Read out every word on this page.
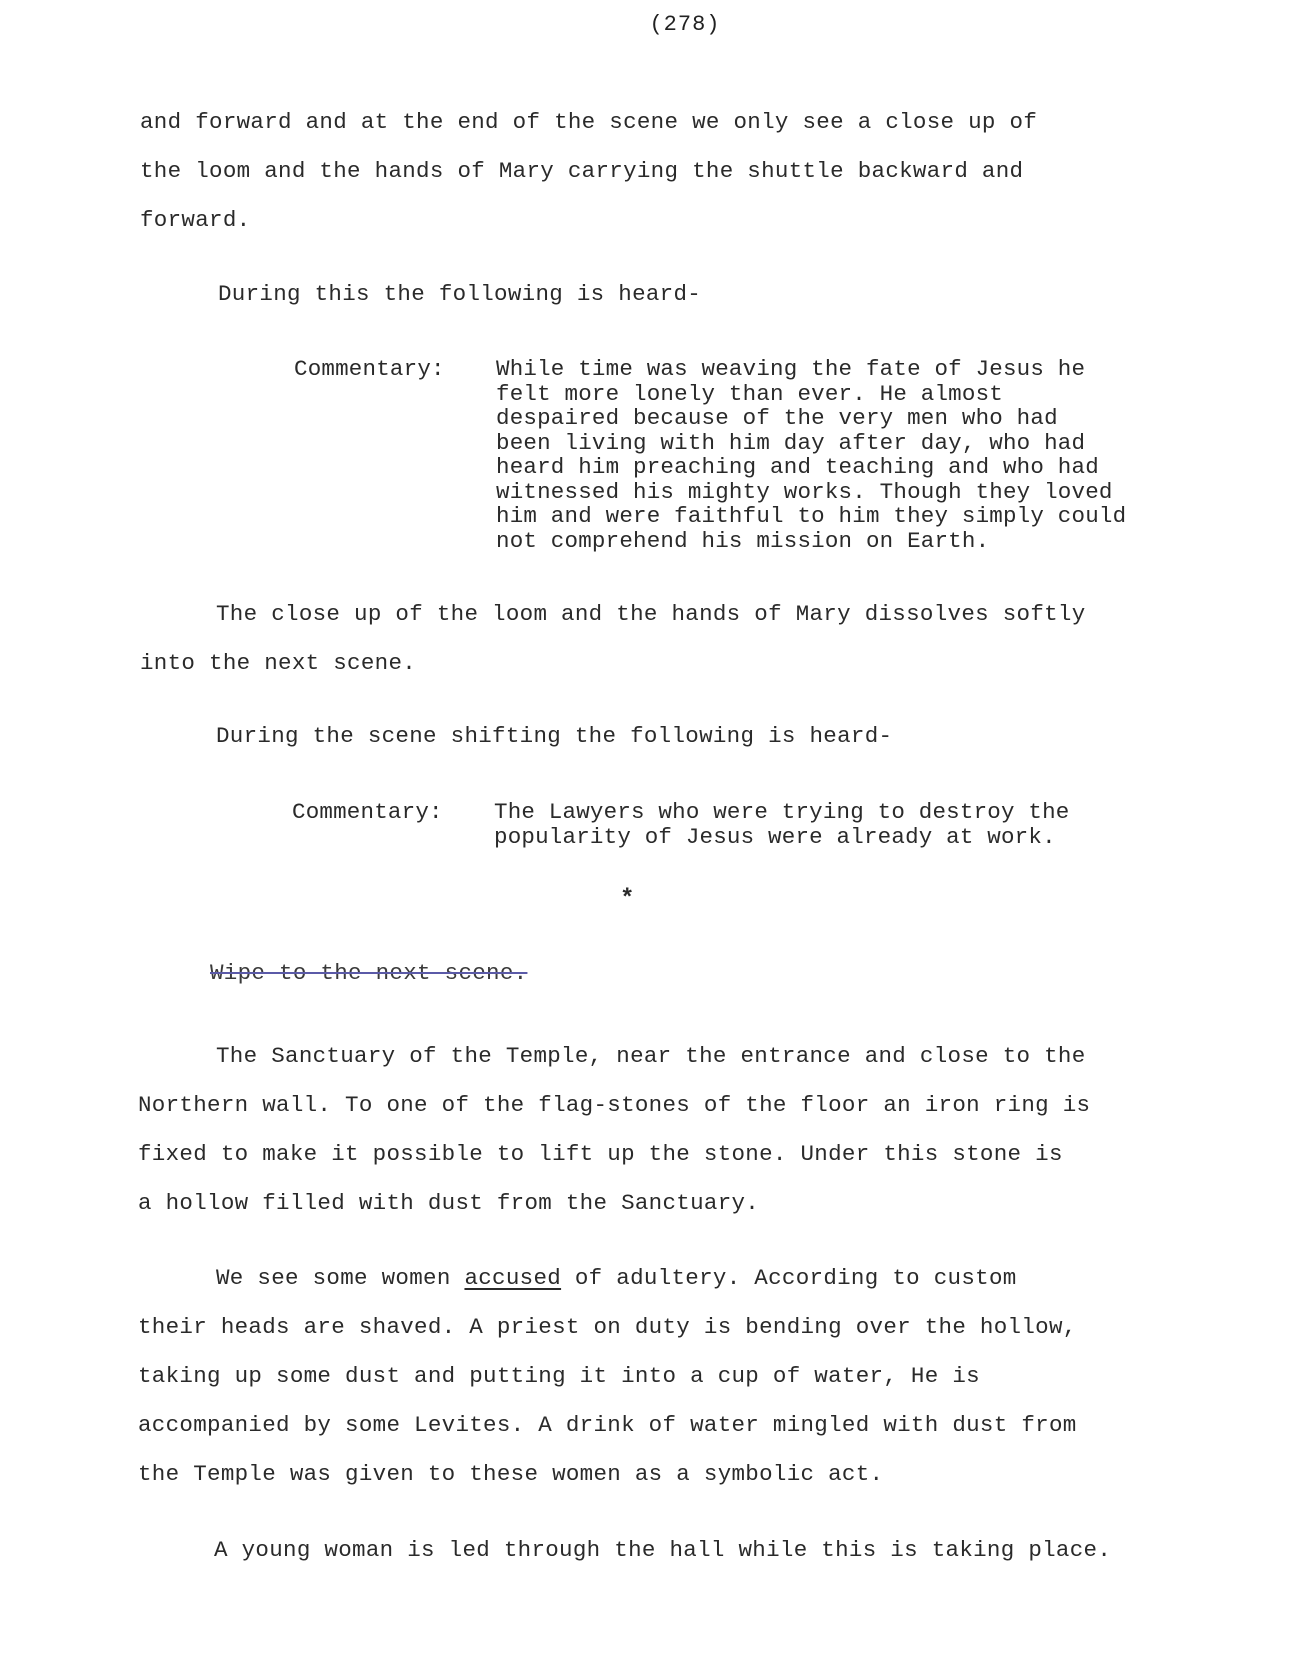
(278)
and forward and at the end of the scene we only see a close up of
the loom and the hands of Mary carrying the shuttle backward and
forward.
During this the following is heard-
Commentary: While time was weaving the fate of Jesus he
felt more lonely than ever. He almost
despaired because of the very men who had
been living with him day after day, who had
heard him preaching and teaching and who had
witnessed his mighty works. Though they loved
him and were faithful to him they simply could
not comprehend his mission on Earth.
The close up of the loom and the hands of Mary dissolves softly
into the next scene.
During the scene shifting the following is heard-
Commentary: The Lawyers who were trying to destroy the
popularity of Jesus were already at work.
*
Wipe to the next scene.
The Sanctuary of the Temple, near the entrance and close to the
Northern wall. To one of the flag-stones of the floor an iron ring is
fixed to make it possible to lift up the stone. Under this stone is
a hollow filled with dust from the Sanctuary.
We see some women accused of adultery. According to custom
their heads are shaved. A priest on duty is bending over the hollow,
taking up some dust and putting it into a cup of water, He is
accompanied by some Levites. A drink of water mingled with dust from
the Temple was given to these women as a symbolic act.
A young woman is led through the hall while this is taking place.
